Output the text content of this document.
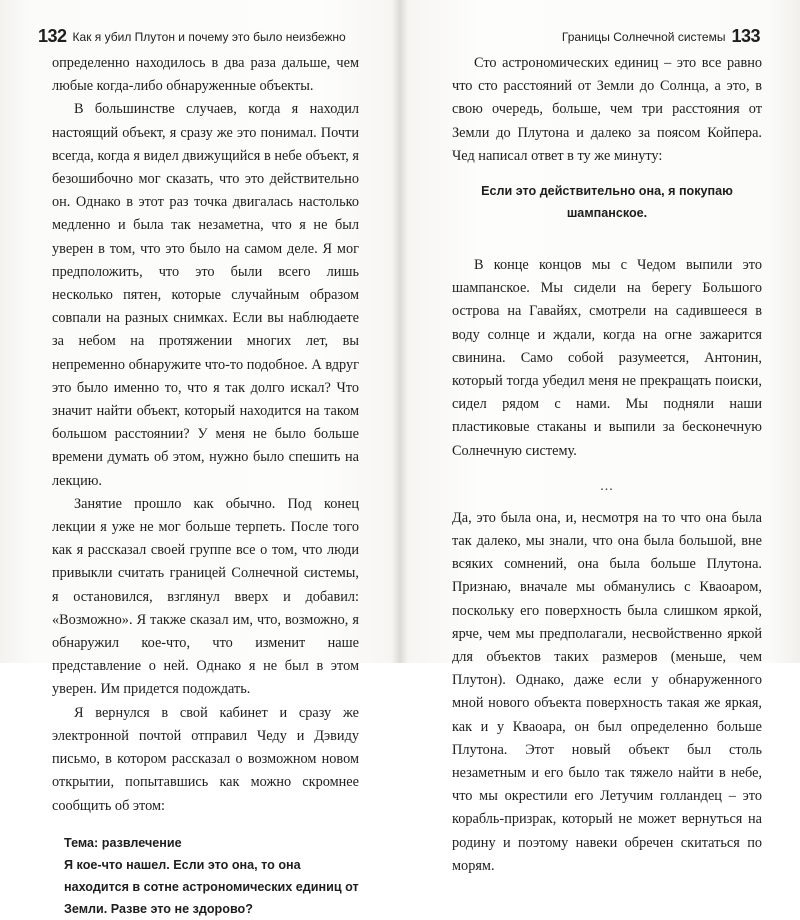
132 Как я убил Плутон и почему это было неизбежно

определенно находилось в два раза дальше, чем любые когда-либо обнаруженные объекты.

В большинстве случаев, когда я находил настоящий объект, я сразу же это понимал. Почти всегда, когда я видел движущийся в небе объект, я безошибочно мог сказать, что это действительно он. Однако в этот раз точка двигалась настолько медленно и была так незаметна, что я не был уверен в том, что это было на самом деле. Я мог предположить, что это были всего лишь несколько пятен, которые случайным образом совпали на разных снимках. Если вы наблюдаете за небом на протяжении многих лет, вы непременно обнаружите что-то подобное. А вдруг это было именно то, что я так долго искал? Что значит найти объект, который находится на таком большом расстоянии? У меня не было больше времени думать об этом, нужно было спешить на лекцию.

Занятие прошло как обычно. Под конец лекции я уже не мог больше терпеть. После того как я рассказал своей группе все о том, что люди привыкли считать границей Солнечной системы, я остановился, взглянул вверх и добавил: «Возможно». Я также сказал им, что, возможно, я обнаружил кое-что, что изменит наше представление о ней. Однако я не был в этом уверен. Им придется подождать.

Я вернулся в свой кабинет и сразу же электронной почтой отправил Чеду и Дэвиду письмо, в котором рассказал о возможном новом открытии, попытавшись как можно скромнее сообщить об этом:

Тема: развлечение
Я кое-что нашел. Если это она, то она находится в сотне астрономических единиц от Земли. Разве это не здорово?
Границы Солнечной системы 133

Сто астрономических единиц – это все равно что сто расстояний от Земли до Солнца, а это, в свою очередь, больше, чем три расстояния от Земли до Плутона и далеко за поясом Койпера. Чед написал ответ в ту же минуту:

Если это действительно она, я покупаю шампанское.

В конце концов мы с Чедом выпили это шампанское. Мы сидели на берегу Большого острова на Гавайях, смотрели на садившееся в воду солнце и ждали, когда на огне зажарится свинина. Само собой разумеется, Антонин, который тогда убедил меня не прекращать поиски, сидел рядом с нами. Мы подняли наши пластиковые стаканы и выпили за бесконечную Солнечную систему.

...

Да, это была она, и, несмотря на то что она была так далеко, мы знали, что она была большой, вне всяких сомнений, она была больше Плутона. Признаю, вначале мы обманулись с Кваоаром, поскольку его поверхность была слишком яркой, ярче, чем мы предполагали, несвойственно яркой для объектов таких размеров (меньше, чем Плутон). Однако, даже если у обнаруженного мной нового объекта поверхность такая же яркая, как и у Кваоара, он был определенно больше Плутона. Этот новый объект был столь незаметным и его было так тяжело найти в небе, что мы окрестили его Летучим голландец – это корабль-призрак, который не может вернуться на родину и поэтому навеки обречен скитаться по морям.
